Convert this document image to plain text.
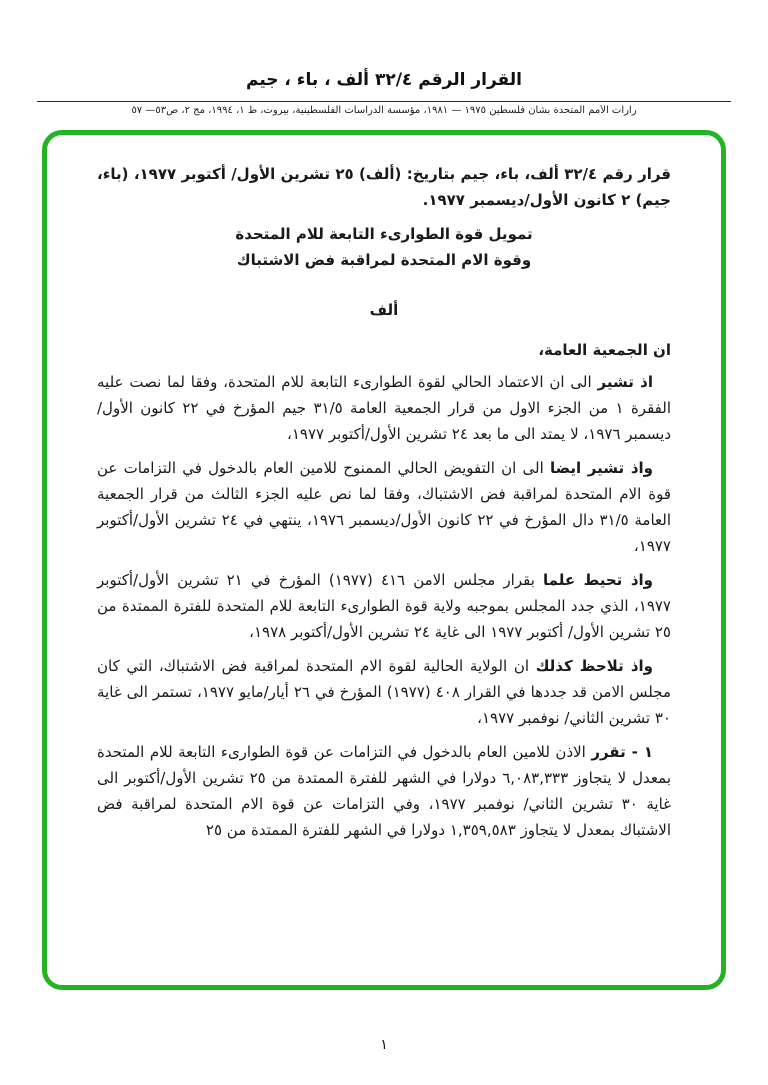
القرار الرقم ٣٢/٤ ألف ، باء ، جيم
رارات الأمم المتحدة بشأن فلسطين ١٩٧٥ — ١٩٨١، مؤسسة الدراسات الفلسطينية، بيروت، ط ١، ١٩٩٤، مج ٢، ص٥٣— ٥٧

قرار رقم ٣٢/٤ ألف، باء، جيم بتاريخ: (ألف) ٢٥ تشرين الأول/ أكتوبر ١٩٧٧، (باء، جيم) ٢ كانون الأول/ديسمبر ١٩٧٧.

تمويل قوة الطوارىء التابعة للام المتحدة

وقوة الام المتحدة لمراقبة فض الاشتباك

ألف

ان الجمعية العامة،

اذ تشير الى ان الاعتماد الحالي لقوة الطوارىء التابعة للام المتحدة، وفقا لما نصت عليه الفقرة ١ من الجزء الاول من قرار الجمعية العامة ٣١/٥ جيم المؤرخ في ٢٢ كانون الأول/ديسمبر ١٩٧٦، لا يمتد الى ما بعد ٢٤ تشرين الأول/أكتوبر ١٩٧٧،

واذ تشير ايضا الى ان التفويض الحالي الممنوح للامين العام بالدخول في التزامات عن قوة الام المتحدة لمراقبة فض الاشتباك، وفقا لما نص عليه الجزء الثالث من قرار الجمعية العامة ٣١/٥ دال المؤرخ في ٢٢ كانون الأول/ديسمبر ١٩٧٦، ينتهي في ٢٤ تشرين الأول/أكتوبر ١٩٧٧،

واذ تحيط علما بقرار مجلس الامن ٤١٦ (١٩٧٧) المؤرخ في ٢١ تشرين الأول/أكتوبر ١٩٧٧، الذي جدد المجلس بموجبه ولاية قوة الطوارىء التابعة للام المتحدة للفترة الممتدة من ٢٥ تشرين الأول/ أكتوبر ١٩٧٧ الى غاية ٢٤ تشرين الأول/أكتوبر ١٩٧٨،

واذ تلاحظ كذلك ان الولاية الحالية لقوة الام المتحدة لمراقبة فض الاشتباك، التي كان مجلس الامن قد جددها في القرار ٤٠٨ (١٩٧٧) المؤرخ في ٢٦ أيار/مايو ١٩٧٧، تستمر الى غاية ٣٠ تشرين الثاني/ نوفمبر ١٩٧٧،

١ - تقرر الاذن للامين العام بالدخول في التزامات عن قوة الطوارىء التابعة للام المتحدة بمعدل لا يتجاوز ٦,٠٨٣,٣٣٣ دولارا في الشهر للفترة الممتدة من ٢٥ تشرين الأول/أكتوبر الى غاية ٣٠ تشرين الثاني/ نوفمبر ١٩٧٧، وفي التزامات عن قوة الام المتحدة لمراقبة فض الاشتباك بمعدل لا يتجاوز ١,٣٥٩,٥٨٣ دولارا في الشهر للفترة الممتدة من ٢٥

١
